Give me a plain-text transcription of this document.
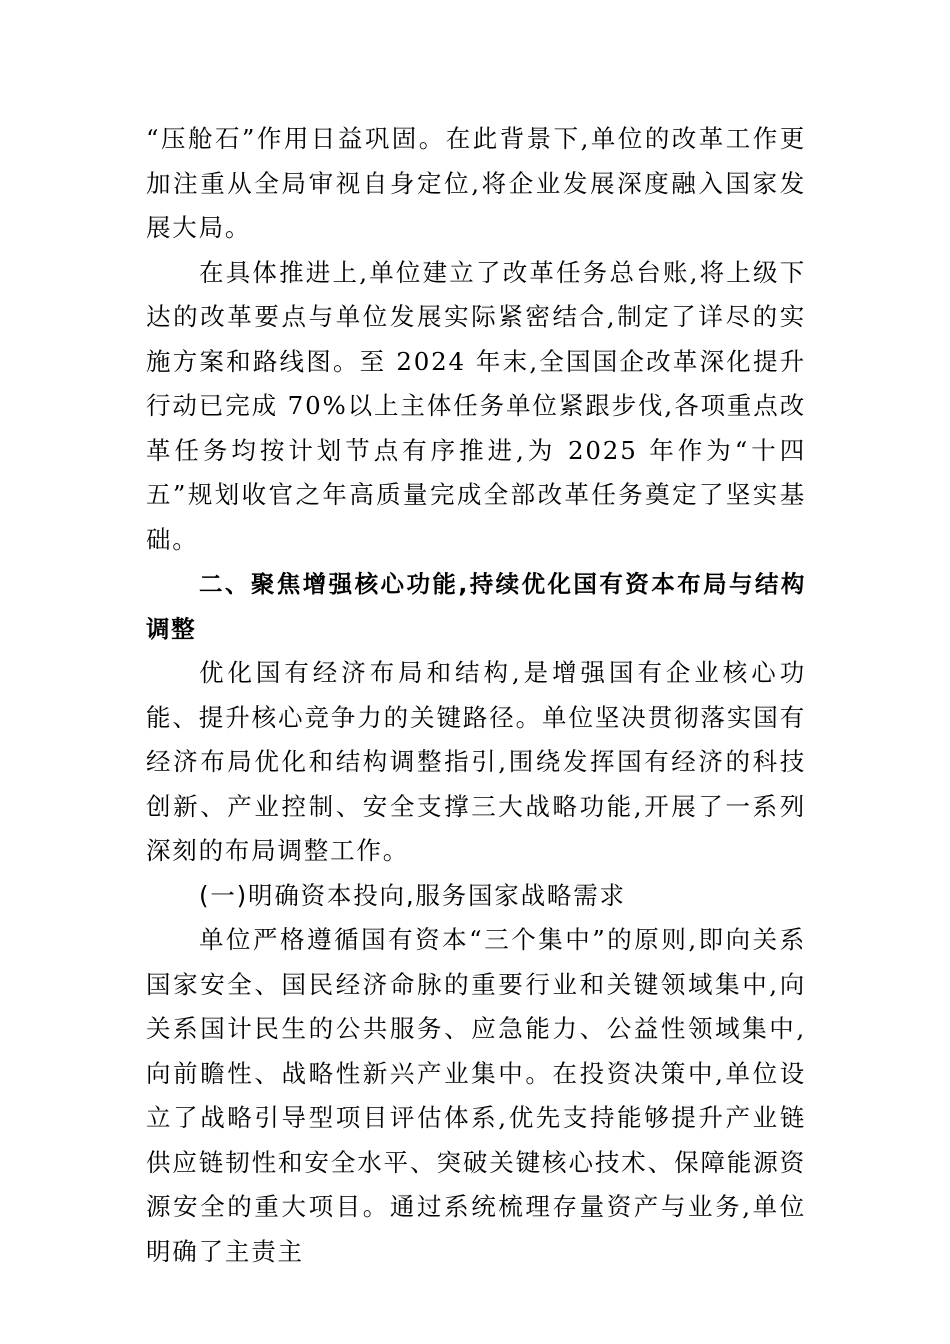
“压舱石”作用日益巩固。在此背景下,单位的改革工作更加注重从全局审视自身定位,将企业发展深度融入国家发展大局。

在具体推进上,单位建立了改革任务总台账,将上级下达的改革要点与单位发展实际紧密结合,制定了详尽的实施方案和路线图。至 2024 年末,全国国企改革深化提升行动已完成 70%以上主体任务单位紧跟步伐,各项重点改革任务均按计划节点有序推进,为 2025 年作为“十四五”规划收官之年高质量完成全部改革任务奠定了坚实基础。

二、聚焦增强核心功能,持续优化国有资本布局与结构调整

优化国有经济布局和结构,是增强国有企业核心功能、提升核心竞争力的关键路径。单位坚决贯彻落实国有经济布局优化和结构调整指引,围绕发挥国有经济的科技创新、产业控制、安全支撑三大战略功能,开展了一系列深刻的布局调整工作。

(一)明确资本投向,服务国家战略需求

单位严格遵循国有资本“三个集中”的原则,即向关系国家安全、国民经济命脉的重要行业和关键领域集中,向关系国计民生的公共服务、应急能力、公益性领域集中,向前瞻性、战略性新兴产业集中。在投资决策中,单位设立了战略引导型项目评估体系,优先支持能够提升产业链供应链韧性和安全水平、突破关键核心技术、保障能源资源安全的重大项目。通过系统梳理存量资产与业务,单位明确了主责主
